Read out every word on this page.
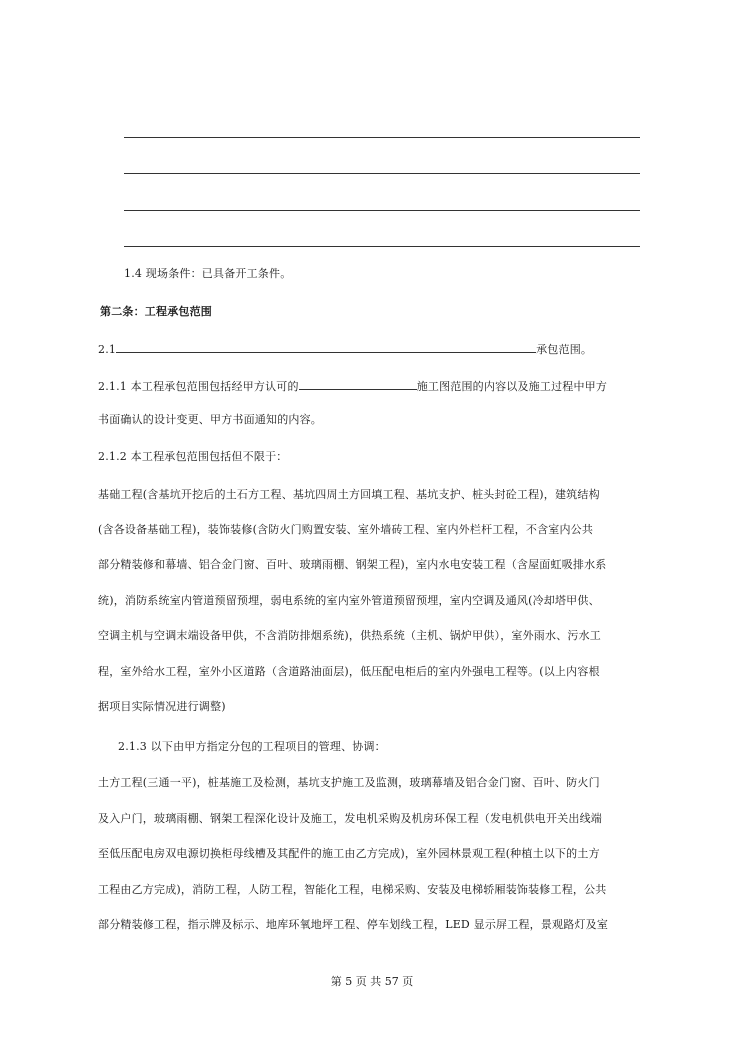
1.4 现场条件：已具备开工条件。
第二条：工程承包范围
2.1	承包范围。
2.1.1 本工程承包范围包括经甲方认可的	施工图范围的内容以及施工过程中甲方
书面确认的设计变更、甲方书面通知的内容。
2.1.2 本工程承包范围包括但不限于：
基础工程(含基坑开挖后的土石方工程、基坑四周土方回填工程、基坑支护、桩头封砼工程)，建筑结构
(含各设备基础工程)，装饰装修(含防火门购置安装、室外墙砖工程、室内外栏杆工程，不含室内公共
部分精装修和幕墙、铝合金门窗、百叶、玻璃雨棚、钢架工程)，室内水电安装工程（含屋面虹吸排水系
统)，消防系统室内管道预留预埋，弱电系统的室内室外管道预留预埋，室内空调及通风(冷却塔甲供、
空调主机与空调末端设备甲供，不含消防排烟系统)，供热系统（主机、锅炉甲供），室外雨水、污水工
程，室外给水工程，室外小区道路（含道路油面层)，低压配电柜后的室内外强电工程等。(以上内容根
据项目实际情况进行调整)
2.1.3 以下由甲方指定分包的工程项目的管理、协调：
土方工程(三通一平)，桩基施工及检测，基坑支护施工及监测，玻璃幕墙及铝合金门窗、百叶、防火门
及入户门，玻璃雨棚、钢架工程深化设计及施工，发电机采购及机房环保工程（发电机供电开关出线端
至低压配电房双电源切换柜母线槽及其配件的施工由乙方完成)，室外园林景观工程(种植土以下的土方
工程由乙方完成)，消防工程，人防工程，智能化工程，电梯采购、安装及电梯轿厢装饰装修工程，公共
部分精装修工程，指示牌及标示、地库环氧地坪工程、停车划线工程，LED 显示屏工程，景观路灯及室
第 5 页 共 57 页
